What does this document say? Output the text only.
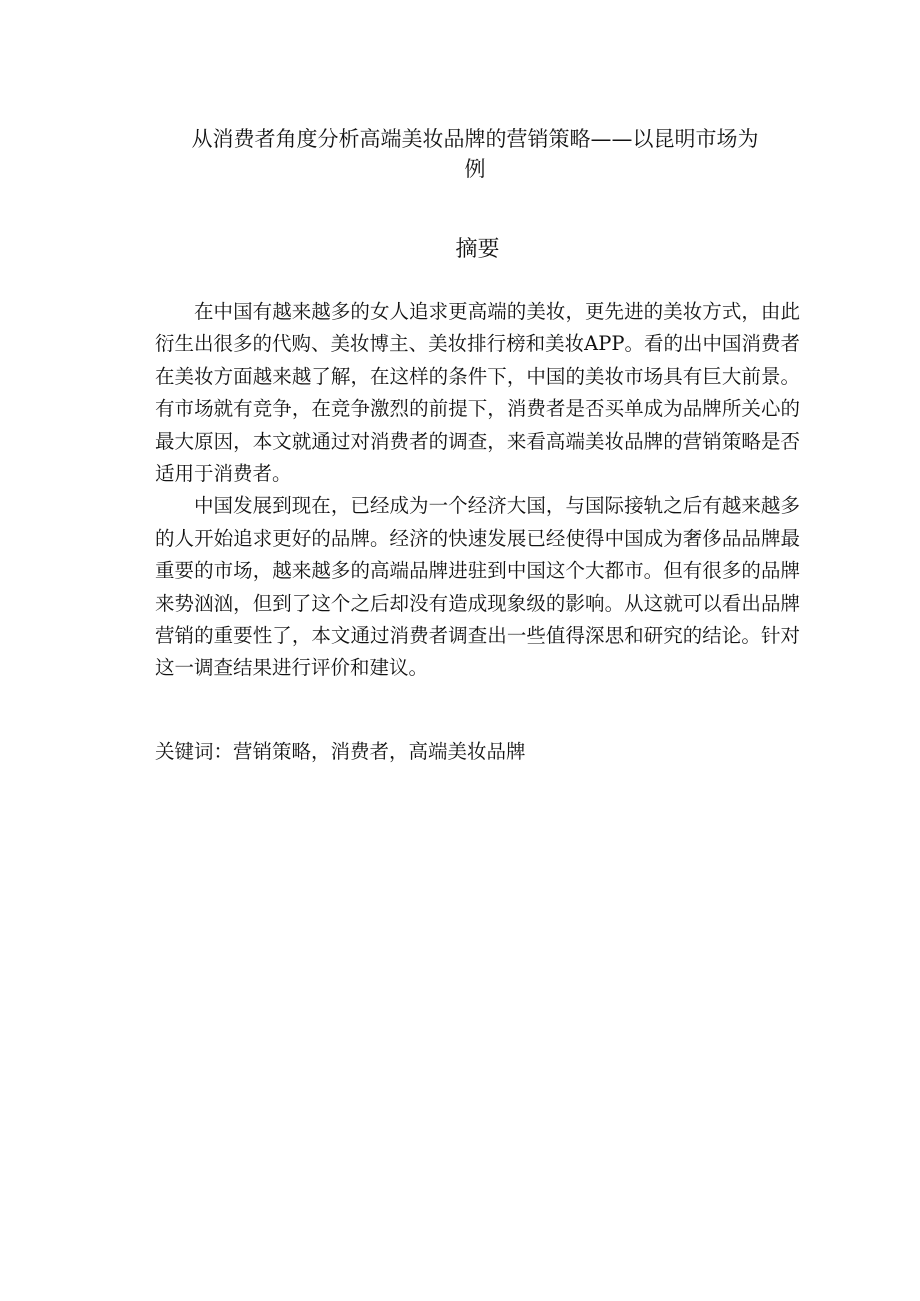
从消费者角度分析高端美妆品牌的营销策略——以昆明市场为
例
摘要

在中国有越来越多的女人追求更高端的美妆，更先进的美妆方式，由此衍生出很多的代购、美妆博主、美妆排行榜和美妆APP。看的出中国消费者在美妆方面越来越了解，在这样的条件下，中国的美妆市场具有巨大前景。有市场就有竞争，在竞争激烈的前提下，消费者是否买单成为品牌所关心的最大原因，本文就通过对消费者的调查，来看高端美妆品牌的营销策略是否适用于消费者。

中国发展到现在，已经成为一个经济大国，与国际接轨之后有越来越多的人开始追求更好的品牌。经济的快速发展已经使得中国成为奢侈品品牌最重要的市场，越来越多的高端品牌进驻到中国这个大都市。但有很多的品牌来势汹汹，但到了这个之后却没有造成现象级的影响。从这就可以看出品牌营销的重要性了，本文通过消费者调查出一些值得深思和研究的结论。针对这一调查结果进行评价和建议。

关键词：营销策略，消费者，高端美妆品牌
